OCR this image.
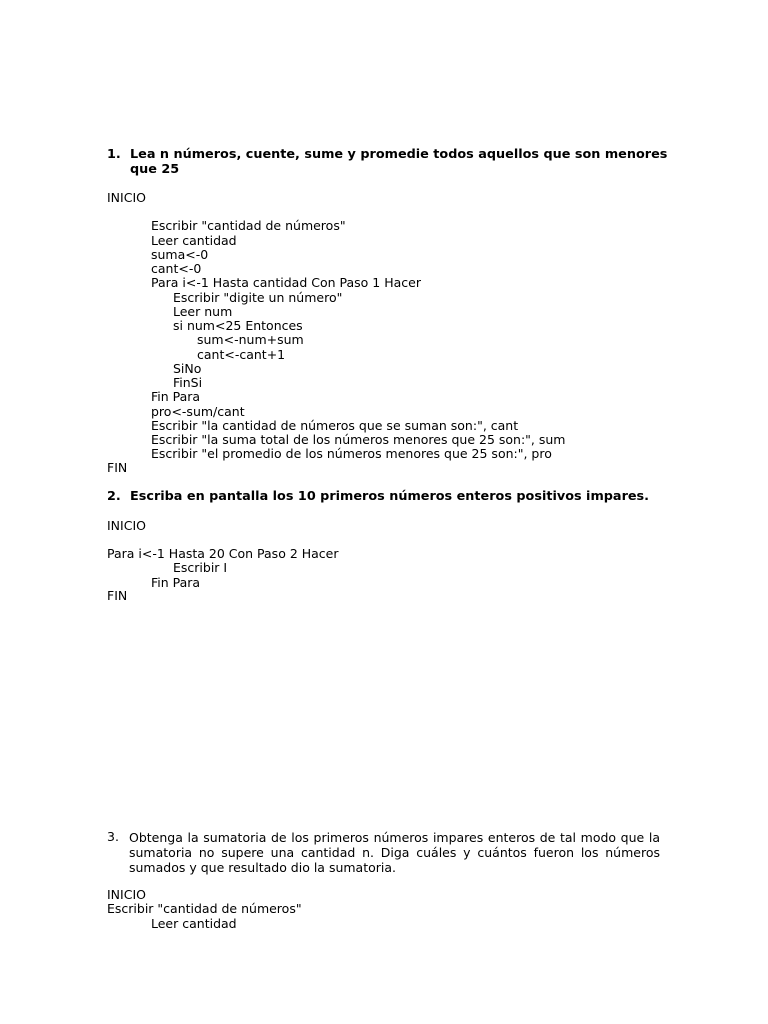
1. Lea n números, cuente, sume y promedie todos aquellos que son menores
que 25
INICIO
Escribir "cantidad de números"
Leer cantidad
suma<-0
cant<-0
Para i<-1 Hasta cantidad Con Paso 1 Hacer
Escribir "digite un número"
Leer num
si num<25 Entonces
sum<-num+sum
cant<-cant+1
SiNo
FinSi
Fin Para
pro<-sum/cant
Escribir "la cantidad de números que se suman son:", cant
Escribir "la suma total de los números menores que 25 son:", sum
Escribir "el promedio de los números menores que 25 son:", pro
FIN
2. Escriba en pantalla los 10 primeros números enteros positivos impares.
INICIO
Para i<-1 Hasta 20 Con Paso 2 Hacer
Escribir I
Fin Para
FIN
3. Obtenga la sumatoria de los primeros números impares enteros de tal modo que la
sumatoria no supere una cantidad n. Diga cuáles y cuántos fueron los números
sumados y que resultado dio la sumatoria.
INICIO
Escribir "cantidad de números"
Leer cantidad
